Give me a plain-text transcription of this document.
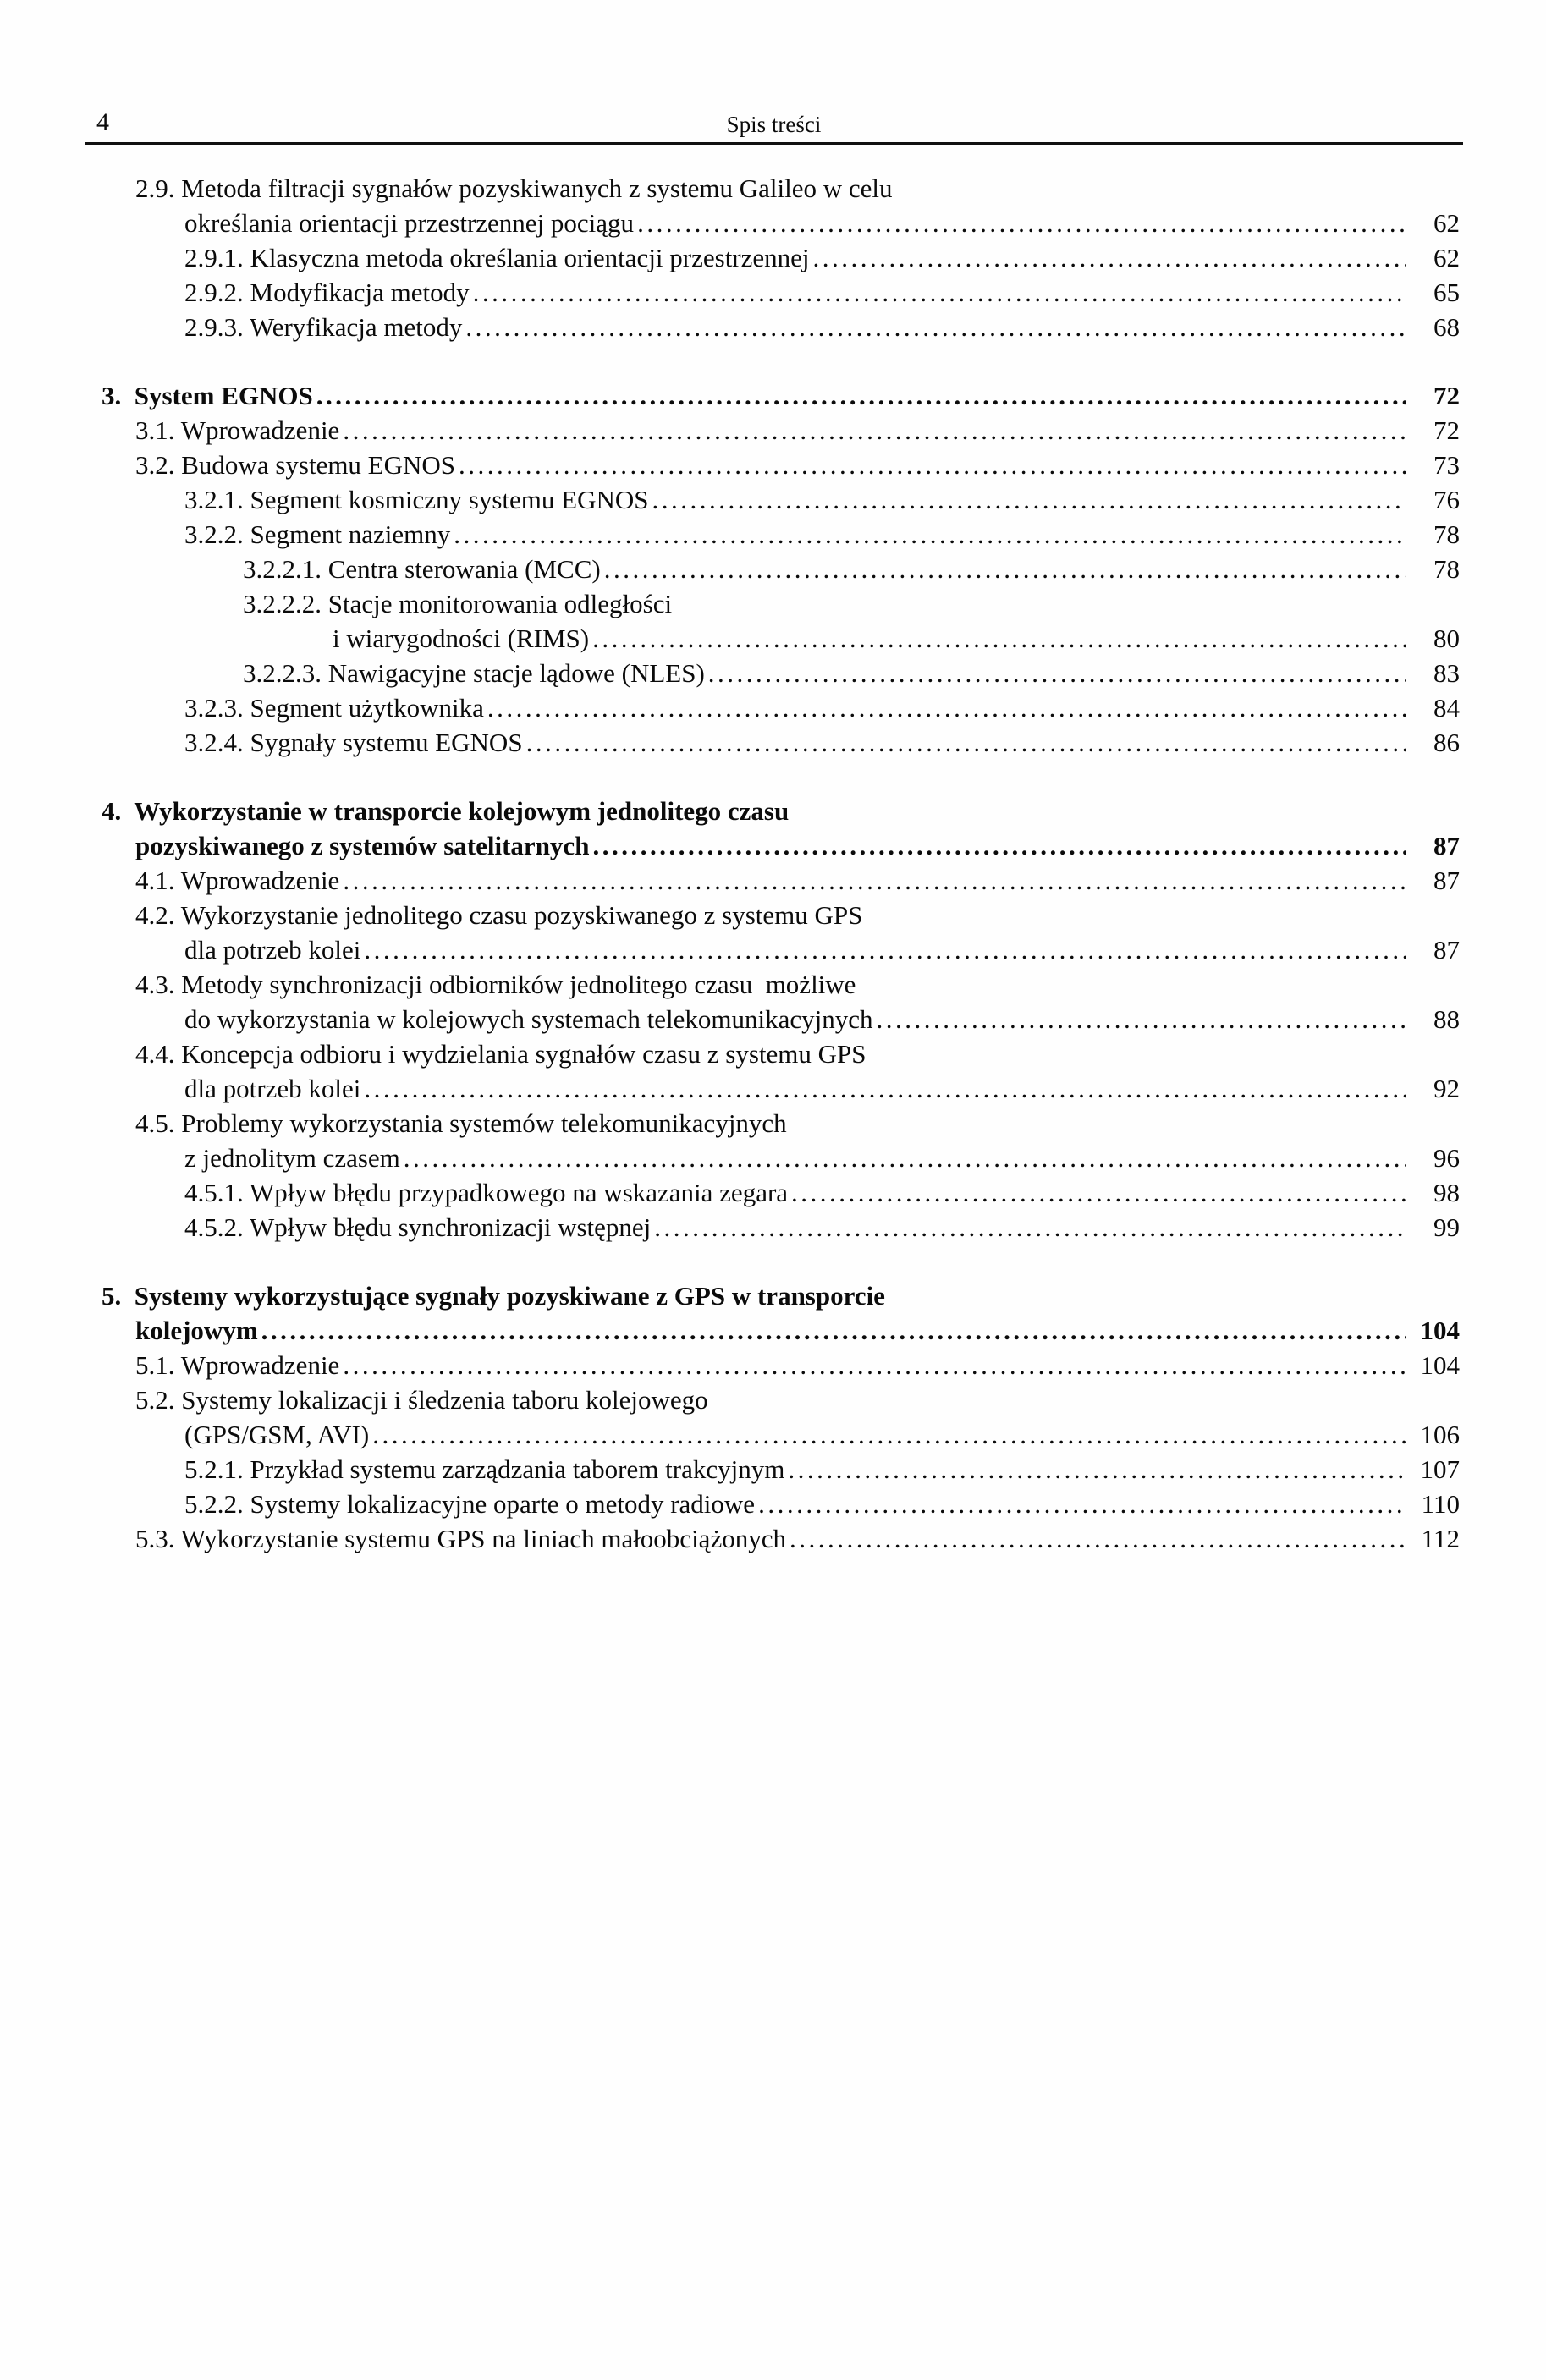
4	Spis treści
2.9. Metoda filtracji sygnałów pozyskiwanych z systemu Galileo w celu
określania orientacji przestrzennej pociągu .....	62
2.9.1. Klasyczna metoda określania orientacji przestrzennej .....	62
2.9.2. Modyfikacja metody .....	65
2.9.3. Weryfikacja metody .....	68
3.  System EGNOS .....	72
3.1. Wprowadzenie .....	72
3.2. Budowa systemu EGNOS .....	73
3.2.1. Segment kosmiczny systemu EGNOS .....	76
3.2.2. Segment naziemny .....	78
3.2.2.1. Centra sterowania (MCC) .....	78
3.2.2.2. Stacje monitorowania odległości
i wiarygodności (RIMS) .....	80
3.2.2.3. Nawigacyjne stacje lądowe (NLES) .....	83
3.2.3. Segment użytkownika .....	84
3.2.4. Sygnały systemu EGNOS .....	86
4.  Wykorzystanie w transporcie kolejowym jednolitego czasu
pozyskiwanego z systemów satelitarnych .....	87
4.1. Wprowadzenie .....	87
4.2. Wykorzystanie jednolitego czasu pozyskiwanego z systemu GPS
dla potrzeb kolei .....	87
4.3. Metody synchronizacji odbiorników jednolitego czasu  możliwe
do wykorzystania w kolejowych systemach telekomunikacyjnych .....	88
4.4. Koncepcja odbioru i wydzielania sygnałów czasu z systemu GPS
dla potrzeb kolei .....	92
4.5. Problemy wykorzystania systemów telekomunikacyjnych
z jednolitym czasem .....	96
4.5.1. Wpływ błędu przypadkowego na wskazania zegara .....	98
4.5.2. Wpływ błędu synchronizacji wstępnej .....	99
5.  Systemy wykorzystujące sygnały pozyskiwane z GPS w transporcie
kolejowym .....	104
5.1. Wprowadzenie .....	104
5.2. Systemy lokalizacji i śledzenia taboru kolejowego
(GPS/GSM, AVI) .....	106
5.2.1. Przykład systemu zarządzania taborem trakcyjnym .....	107
5.2.2. Systemy lokalizacyjne oparte o metody radiowe .....	110
5.3. Wykorzystanie systemu GPS na liniach małoobciążonych .....	112
